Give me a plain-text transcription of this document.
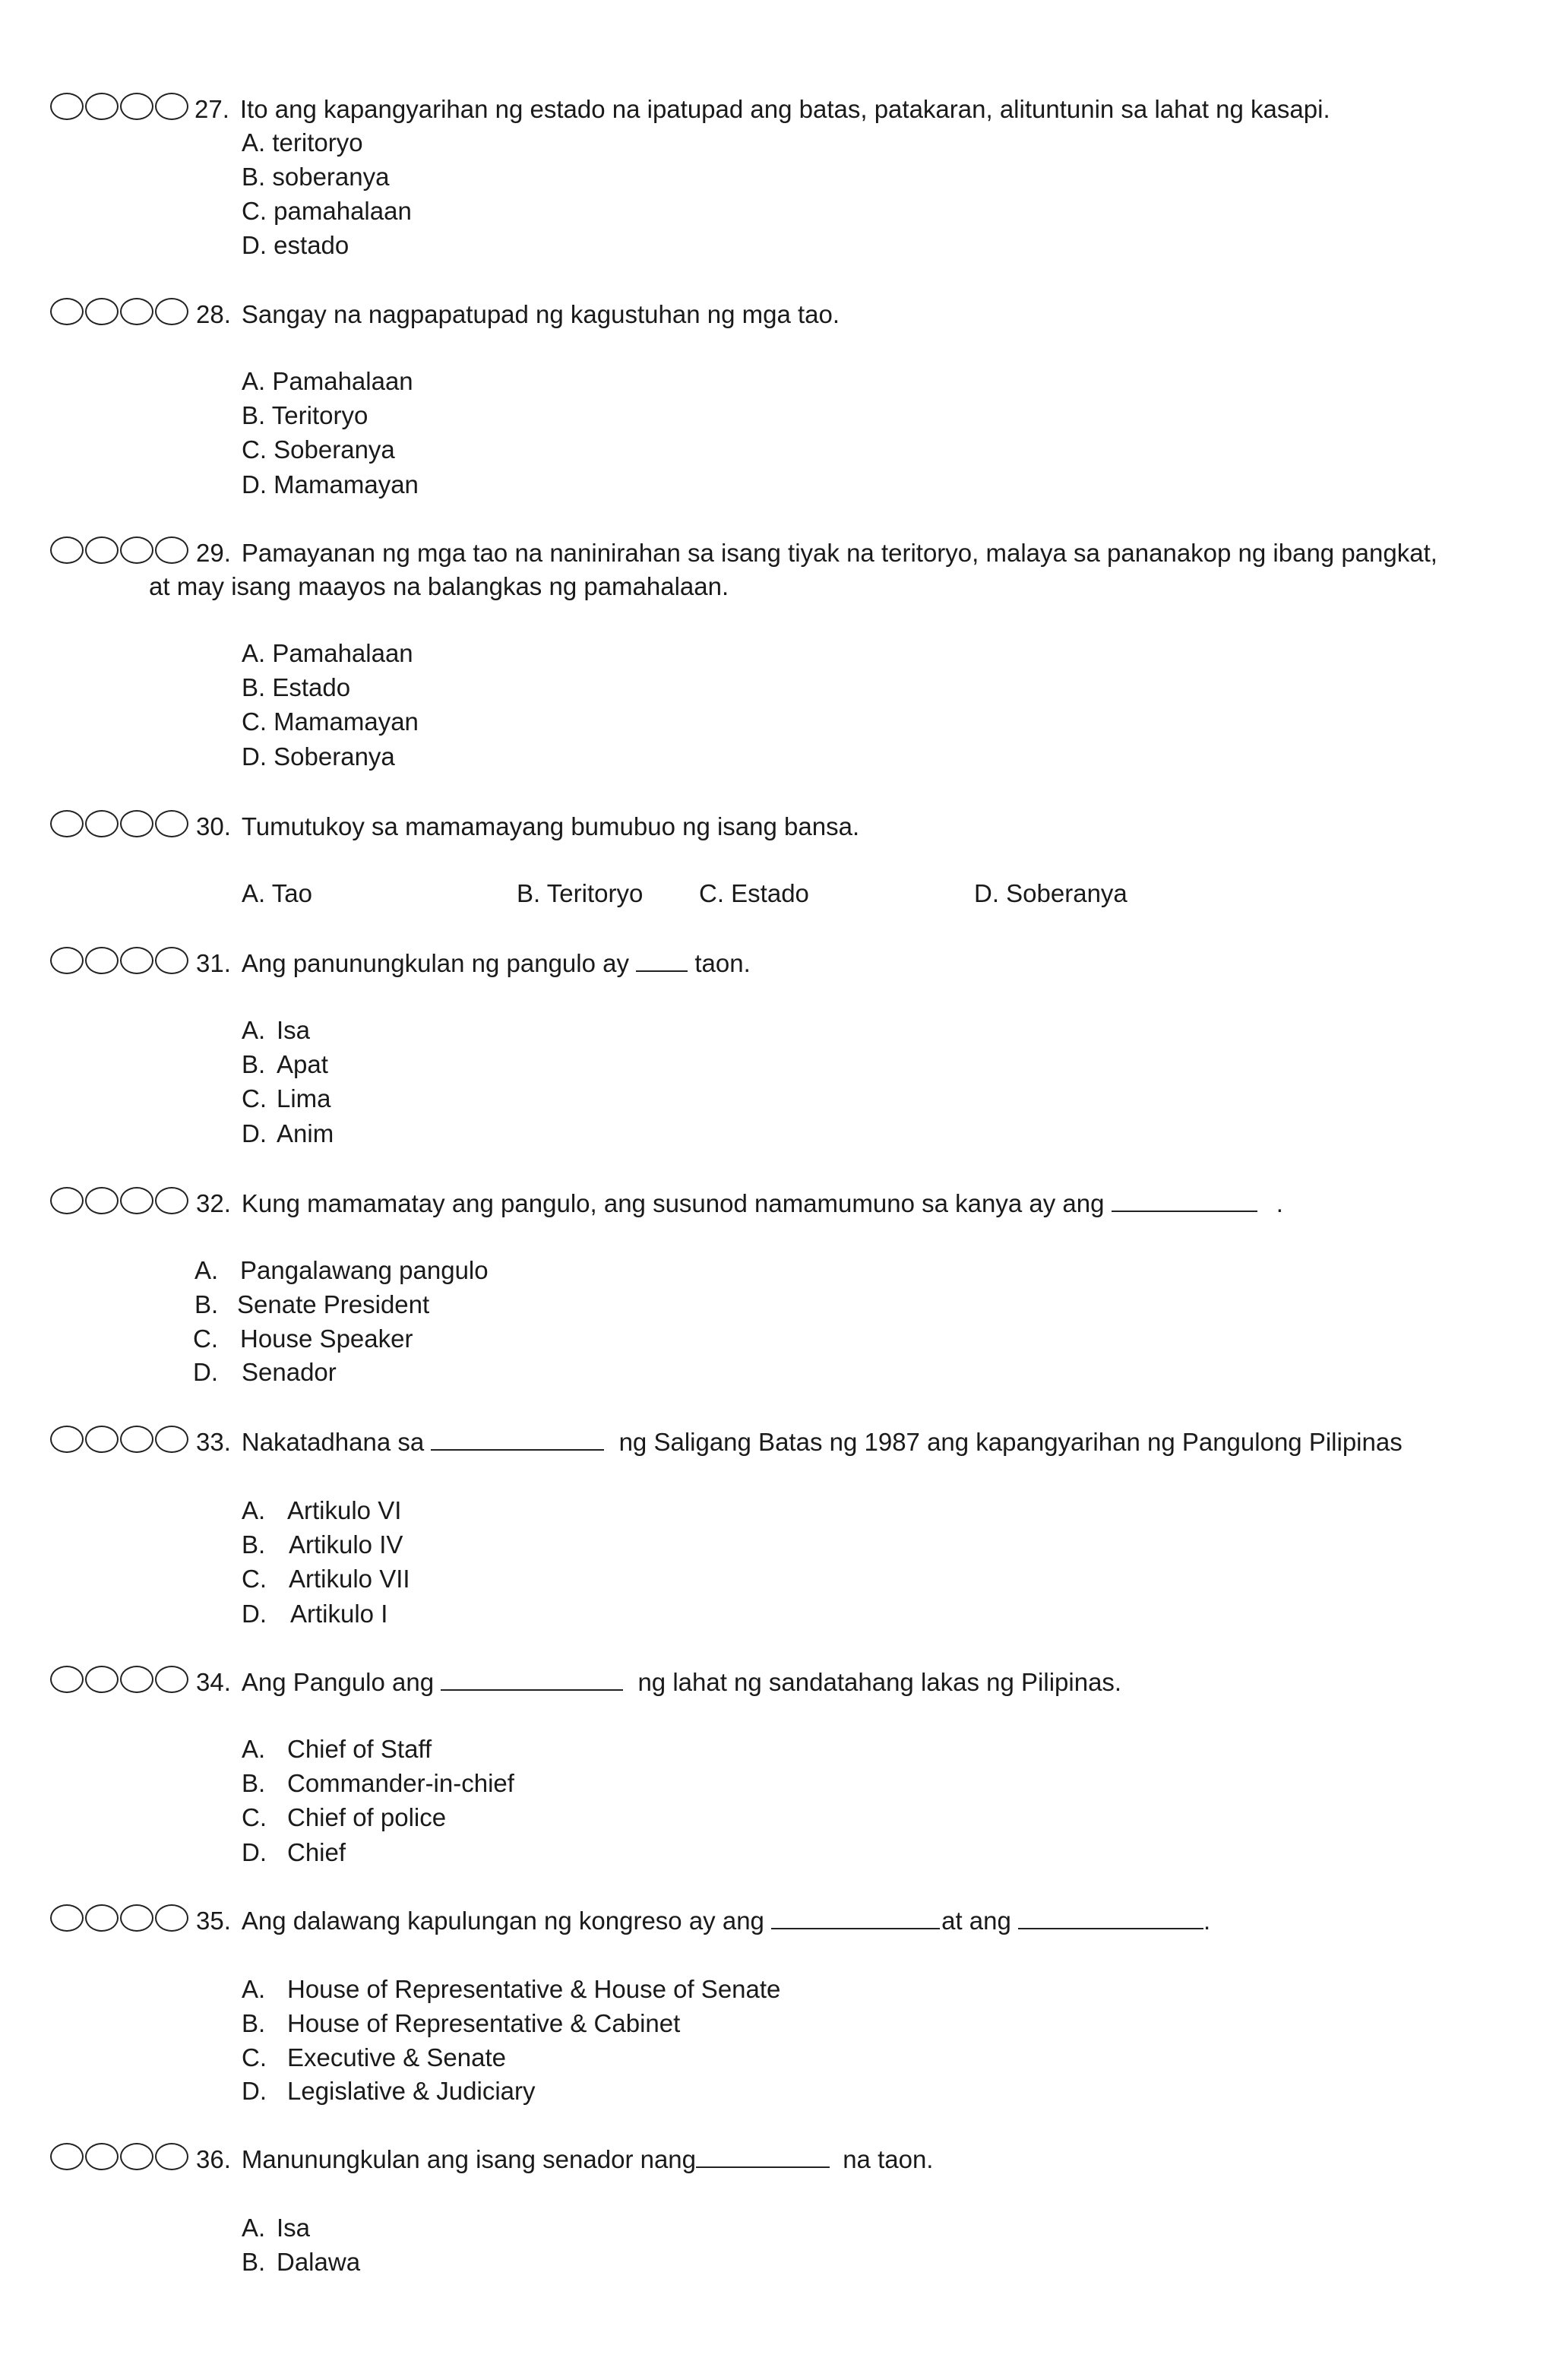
27. Ito ang kapangyarihan ng estado na ipatupad ang batas, patakaran, alituntunin sa lahat ng kasapi.
A. teritoryo
B. soberanya
C. pamahalaan
D. estado
28. Sangay na nagpapatupad ng kagustuhan ng mga tao.
A. Pamahalaan
B. Teritoryo
C. Soberanya
D. Mamamayan
29. Pamayanan ng mga tao na naninirahan sa isang tiyak na teritoryo, malaya sa pananakop ng ibang pangkat,
at may isang maayos na balangkas ng pamahalaan.
A. Pamahalaan
B. Estado
C. Mamamayan
D. Soberanya
30. Tumutukoy sa mamamayang bumubuo ng isang bansa.
A. Tao	B. Teritoryo C. Estado	D. Soberanya
31. Ang panunungkulan ng pangulo ay	taon.
A. Isa
B. Apat
C. Lima
D. Anim
32. Kung mamamatay ang pangulo, ang susunod namamumuno sa kanya ay ang	.
A. Pangalawang pangulo
B. Senate President
C. House Speaker
D. Senador
33. Nakatadhana sa	ng Saligang Batas ng 1987 ang kapangyarihan ng Pangulong Pilipinas
A. Artikulo VI
B. Artikulo IV
C. Artikulo VII
D. Artikulo I
34. Ang Pangulo ang	ng lahat ng sandatahang lakas ng Pilipinas.
A. Chief of Staff
B. Commander-in-chief
C. Chief of police
D. Chief
35. Ang dalawang kapulungan ng kongreso ay ang	at ang	.
A. House of Representative & House of Senate
B. House of Representative & Cabinet
C. Executive & Senate
D. Legislative & Judiciary
36. Manunungkulan ang isang senador nang	na taon.
A. Isa
B. Dalawa
